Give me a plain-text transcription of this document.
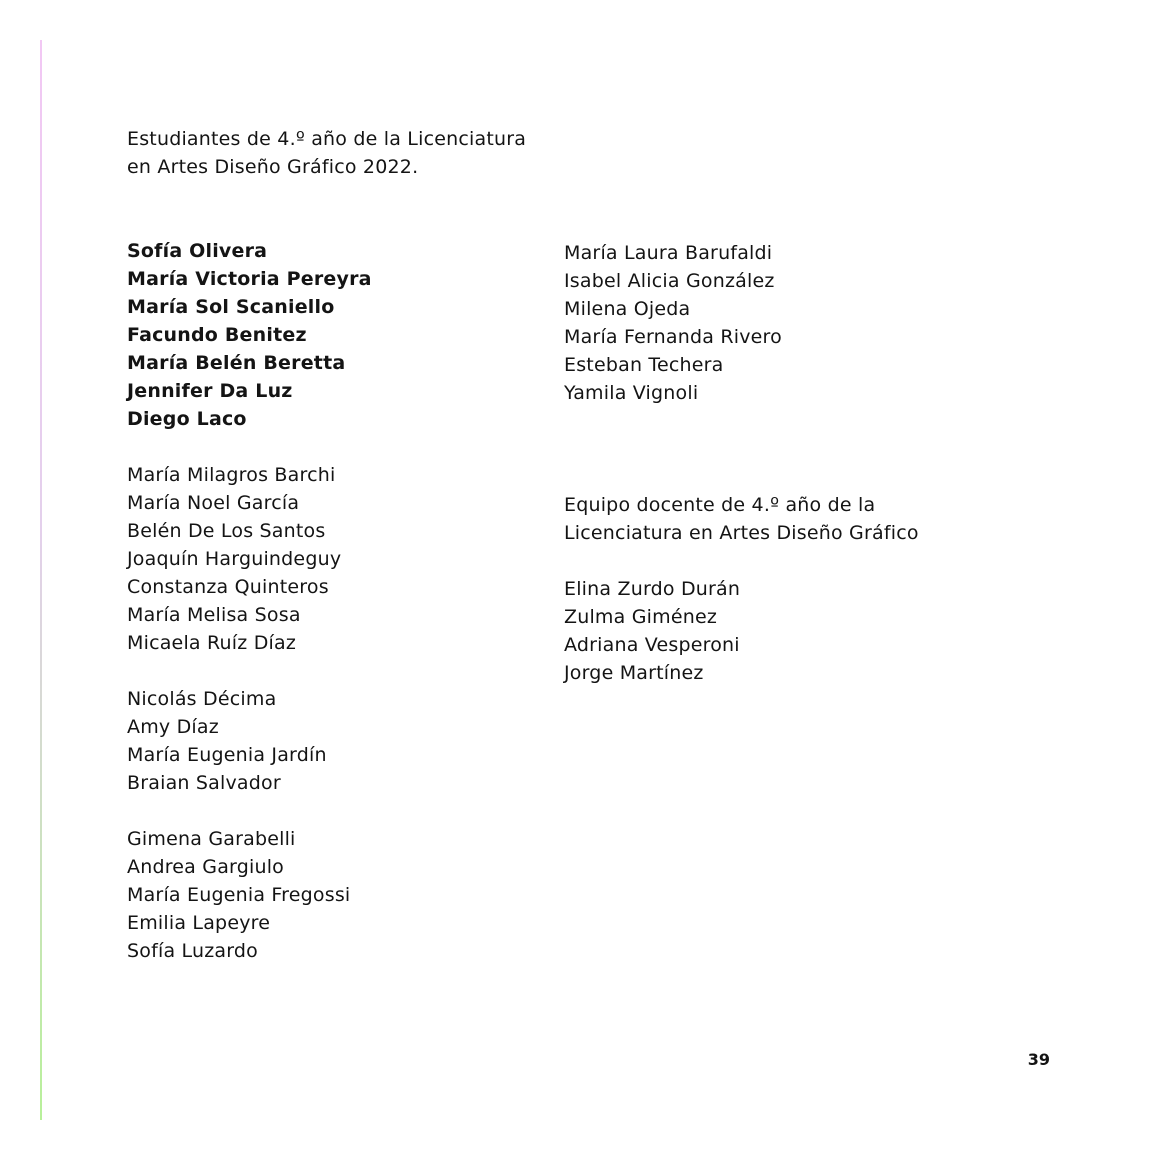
Estudiantes de 4.º año de la Licenciatura
en Artes Diseño Gráfico 2022.
Sofía Olivera
María Victoria Pereyra
María Sol Scaniello
Facundo Benitez
María Belén Beretta
Jennifer Da Luz
Diego Laco
María Milagros Barchi
María Noel García
Belén De Los Santos
Joaquín Harguindeguy
Constanza Quinteros
María Melisa Sosa
Micaela Ruíz Díaz
Nicolás Décima
Amy Díaz
María Eugenia Jardín
Braian Salvador
Gimena Garabelli
Andrea Gargiulo
María Eugenia Fregossi
Emilia Lapeyre
Sofía Luzardo
María Laura Barufaldi
Isabel Alicia González
Milena Ojeda
María Fernanda Rivero
Esteban Techera
Yamila Vignoli
Equipo docente de 4.º año de la
Licenciatura en Artes Diseño Gráfico
Elina Zurdo Durán
Zulma Giménez
Adriana Vesperoni
Jorge Martínez
39
